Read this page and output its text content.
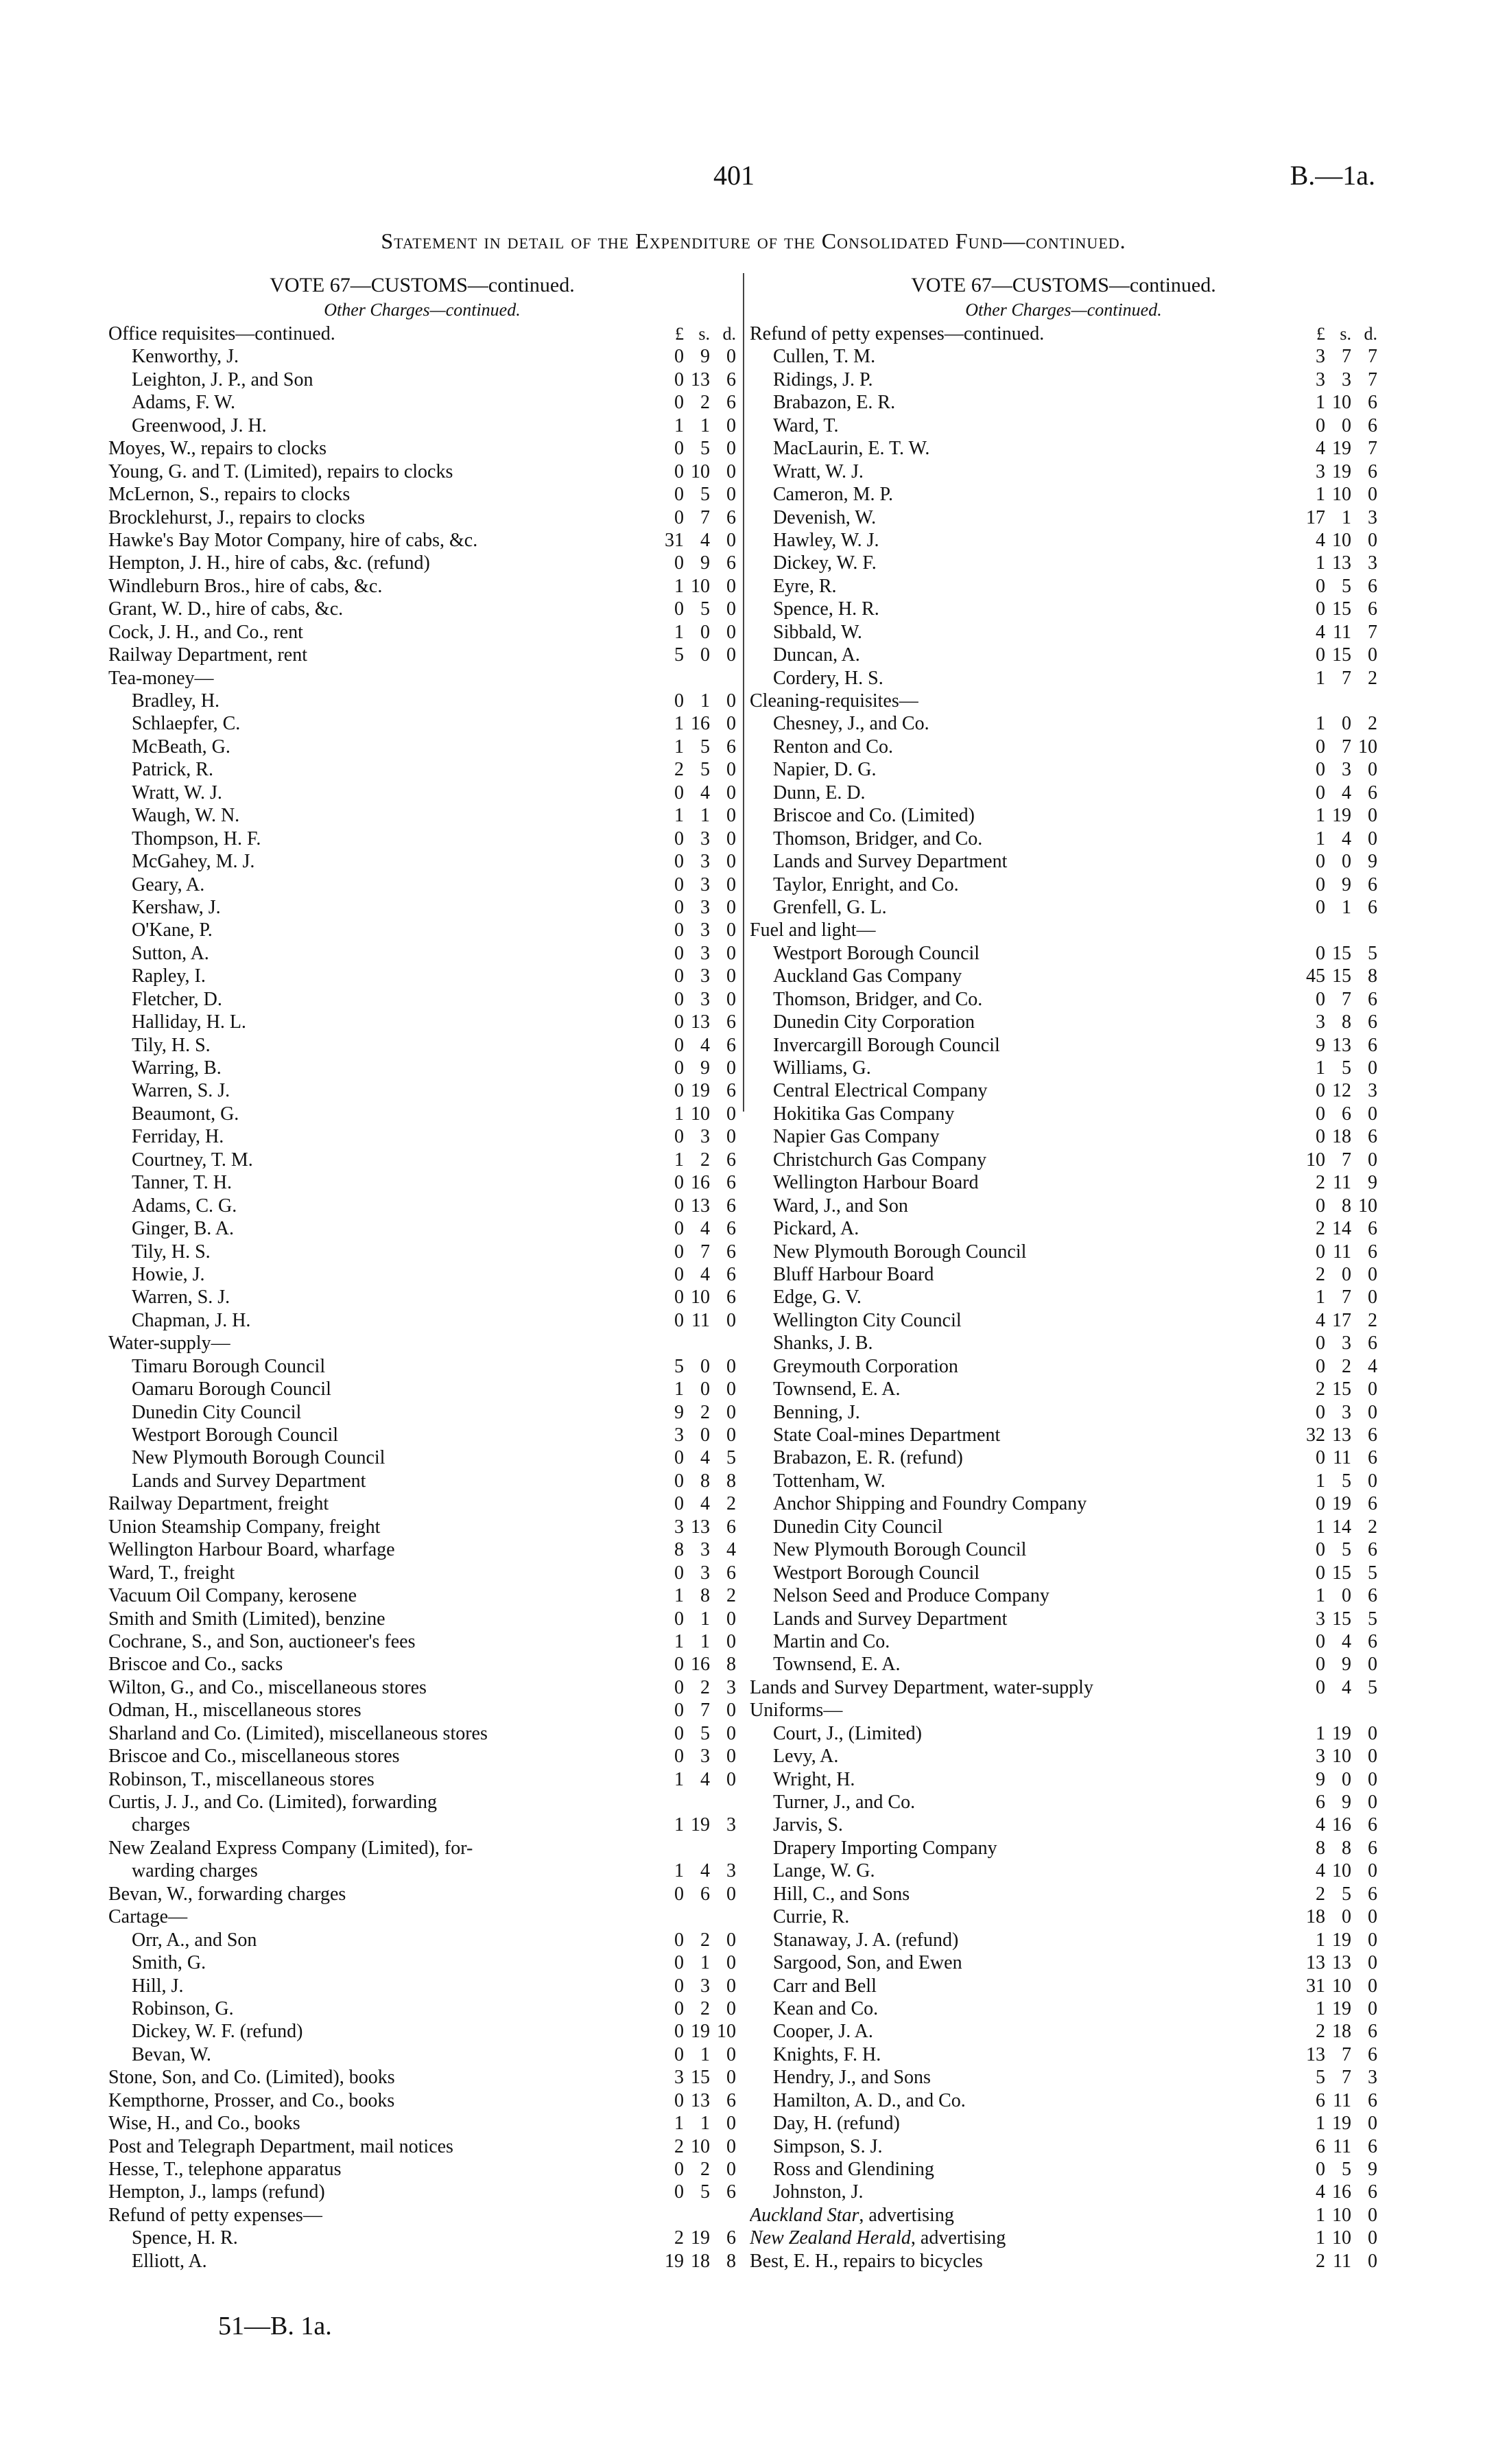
401	B.—1a.
Statement in detail of the Expenditure of the Consolidated Fund—continued.
VOTE 67—CUSTOMS—continued.
Other Charges—continued.
Office requisites—continued.	£ s. d.
Kenworthy, J.	0 9 0
Leighton, J. P., and Son	0 13 6
Adams, F. W.	0 2 6
Greenwood, J. H.	1 1 0
Moyes, W., repairs to clocks	0 5 0
Young, G. and T. (Limited), repairs to clocks	0 10 0
McLernon, S., repairs to clocks	0 5 0
Brocklehurst, J., repairs to clocks	0 7 6
Hawke's Bay Motor Company, hire of cabs, &c.	31 4 0
Hempton, J. H., hire of cabs, &c. (refund)	0 9 6
Windleburn Bros., hire of cabs, &c.	1 10 0
Grant, W. D., hire of cabs, &c.	0 5 0
Cock, J. H., and Co., rent	1 0 0
Railway Department, rent	5 0 0
Tea-money—
Bradley, H.	0 1 0
Schlaepfer, C.	1 16 0
McBeath, G.	1 5 6
Patrick, R.	2 5 0
Wratt, W. J.	0 4 0
Waugh, W. N.	1 1 0
Thompson, H. F.	0 3 0
McGahey, M. J.	0 3 0
Geary, A.	0 3 0
Kershaw, J.	0 3 0
O'Kane, P.	0 3 0
Sutton, A.	0 3 0
Rapley, I.	0 3 0
Fletcher, D.	0 3 0
Halliday, H. L.	0 13 6
Tily, H. S.	0 4 6
Warring, B.	0 9 0
Warren, S. J.	0 19 6
Beaumont, G.	1 10 0
Ferriday, H.	0 3 0
Courtney, T. M.	1 2 6
Tanner, T. H.	0 16 6
Adams, C. G.	0 13 6
Ginger, B. A.	0 4 6
Tily, H. S.	0 7 6
Howie, J.	0 4 6
Warren, S. J.	0 10 6
Chapman, J. H.	0 11 0
Water-supply—
Timaru Borough Council	5 0 0
Oamaru Borough Council	1 0 0
Dunedin City Council	9 2 0
Westport Borough Council	3 0 0
New Plymouth Borough Council	0 4 5
Lands and Survey Department	0 8 8
Railway Department, freight	0 4 2
Union Steamship Company, freight	3 13 6
Wellington Harbour Board, wharfage	8 3 4
Ward, T., freight	0 3 6
Vacuum Oil Company, kerosene	1 8 2
Smith and Smith (Limited), benzine	0 1 0
Cochrane, S., and Son, auctioneer's fees	1 1 0
Briscoe and Co., sacks	0 16 8
Wilton, G., and Co., miscellaneous stores	0 2 3
Odman, H., miscellaneous stores	0 7 0
Sharland and Co. (Limited), miscellaneous stores	0 5 0
Briscoe and Co., miscellaneous stores	0 3 0
Robinson, T., miscellaneous stores	1 4 0
Curtis, J. J., and Co. (Limited), forwarding
charges	1 19 3
New Zealand Express Company (Limited), for-
warding charges	1 4 3
Bevan, W., forwarding charges	0 6 0
Cartage—
Orr, A., and Son	0 2 0
Smith, G.	0 1 0
Hill, J.	0 3 0
Robinson, G.	0 2 0
Dickey, W. F. (refund)	0 19 10
Bevan, W.	0 1 0
Stone, Son, and Co. (Limited), books	3 15 0
Kempthorne, Prosser, and Co., books	0 13 6
Wise, H., and Co., books	1 1 0
Post and Telegraph Department, mail notices	2 10 0
Hesse, T., telephone apparatus	0 2 0
Hempton, J., lamps (refund)	0 5 6
Refund of petty expenses—
Spence, H. R.	2 19 6
Elliott, A.	19 18 8
VOTE 67—CUSTOMS—continued.
Other Charges—continued.
Refund of petty expenses—continued.	£ s. d.
Cullen, T. M.	3 7 7
Ridings, J. P.	3 3 7
Brabazon, E. R.	1 10 6
Ward, T.	0 0 6
MacLaurin, E. T. W.	4 19 7
Wratt, W. J.	3 19 6
Cameron, M. P.	1 10 0
Devenish, W.	17 1 3
Hawley, W. J.	4 10 0
Dickey, W. F.	1 13 3
Eyre, R.	0 5 6
Spence, H. R.	0 15 6
Sibbald, W.	4 11 7
Duncan, A.	0 15 0
Cordery, H. S.	1 7 2
Cleaning-requisites—
Chesney, J., and Co.	1 0 2
Renton and Co.	0 7 10
Napier, D. G.	0 3 0
Dunn, E. D.	0 4 6
Briscoe and Co. (Limited)	1 19 0
Thomson, Bridger, and Co.	1 4 0
Lands and Survey Department	0 0 9
Taylor, Enright, and Co.	0 9 6
Grenfell, G. L.	0 1 6
Fuel and light—
Westport Borough Council	0 15 5
Auckland Gas Company	45 15 8
Thomson, Bridger, and Co.	0 7 6
Dunedin City Corporation	3 8 6
Invercargill Borough Council	9 13 6
Williams, G.	1 5 0
Central Electrical Company	0 12 3
Hokitika Gas Company	0 6 0
Napier Gas Company	0 18 6
Christchurch Gas Company	10 7 0
Wellington Harbour Board	2 11 9
Ward, J., and Son	0 8 10
Pickard, A.	2 14 6
New Plymouth Borough Council	0 11 6
Bluff Harbour Board	2 0 0
Edge, G. V.	1 7 0
Wellington City Council	4 17 2
Shanks, J. B.	0 3 6
Greymouth Corporation	0 2 4
Townsend, E. A.	2 15 0
Benning, J.	0 3 0
State Coal-mines Department	32 13 6
Brabazon, E. R. (refund)	0 11 6
Tottenham, W.	1 5 0
Anchor Shipping and Foundry Company	0 19 6
Dunedin City Council	1 14 2
New Plymouth Borough Council	0 5 6
Westport Borough Council	0 15 5
Nelson Seed and Produce Company	1 0 6
Lands and Survey Department	3 15 5
Martin and Co.	0 4 6
Townsend, E. A.	0 9 0
Lands and Survey Department, water-supply	0 4 5
Uniforms—
Court, J., (Limited)	1 19 0
Levy, A.	3 10 0
Wright, H.	9 0 0
Turner, J., and Co.	6 9 0
Jarvis, S.	4 16 6
Drapery Importing Company	8 8 6
Lange, W. G.	4 10 0
Hill, C., and Sons	2 5 6
Currie, R.	18 0 0
Stanaway, J. A. (refund)	1 19 0
Sargood, Son, and Ewen	13 13 0
Carr and Bell	31 10 0
Kean and Co.	1 19 0
Cooper, J. A.	2 18 6
Knights, F. H.	13 7 6
Hendry, J., and Sons	5 7 3
Hamilton, A. D., and Co.	6 11 6
Day, H. (refund)	1 19 0
Simpson, S. J.	6 11 6
Ross and Glendining	0 5 9
Johnston, J.	4 16 6
Auckland Star, advertising	1 10 0
New Zealand Herald, advertising	1 10 0
Best, E. H., repairs to bicycles	2 11 0
51—B. 1a.
